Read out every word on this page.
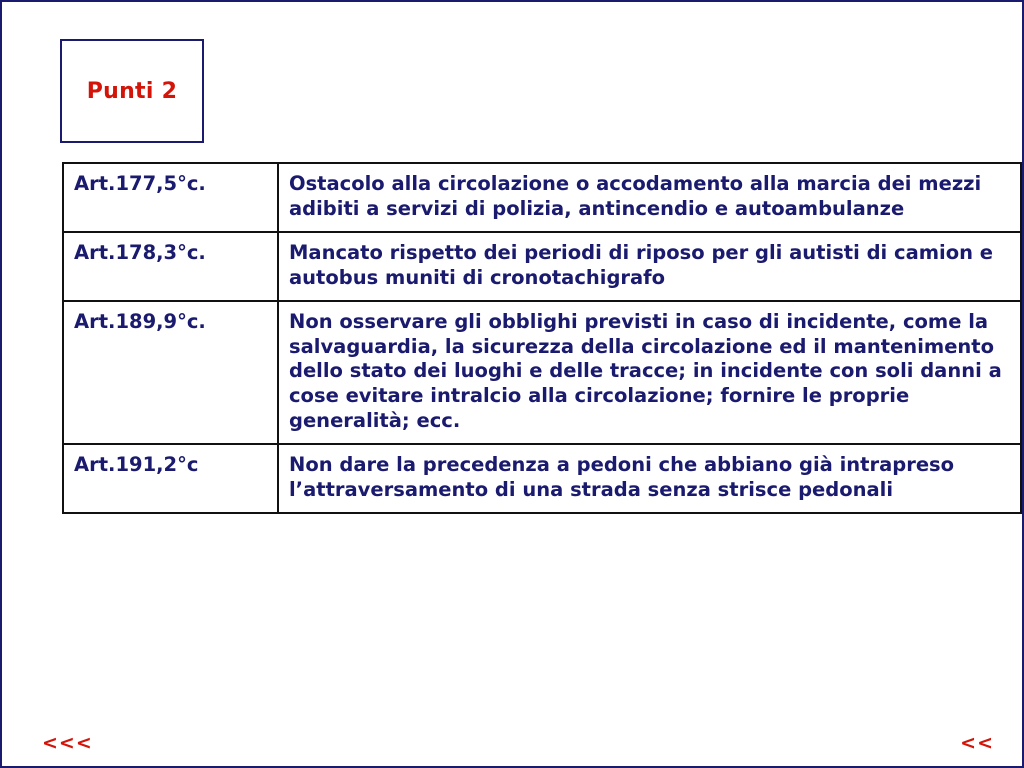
Punti 2
Art.177,5°c.	Ostacolo alla circolazione o accodamento alla marcia dei mezzi adibiti a servizi di polizia, antincendio e autoambulanze
Art.178,3°c.	Mancato rispetto dei periodi di riposo per gli autisti di camion e autobus muniti di cronotachigrafo
Art.189,9°c.	Non osservare gli obblighi previsti in caso di incidente, come la salvaguardia, la sicurezza della circolazione ed il mantenimento dello stato dei luoghi e delle tracce; in incidente con soli danni a cose evitare intralcio alla circolazione; fornire le proprie generalità; ecc.
Art.191,2°c	Non dare la precedenza a pedoni che abbiano già intrapreso l’attraversamento di una strada senza strisce pedonali
<<<	<<
